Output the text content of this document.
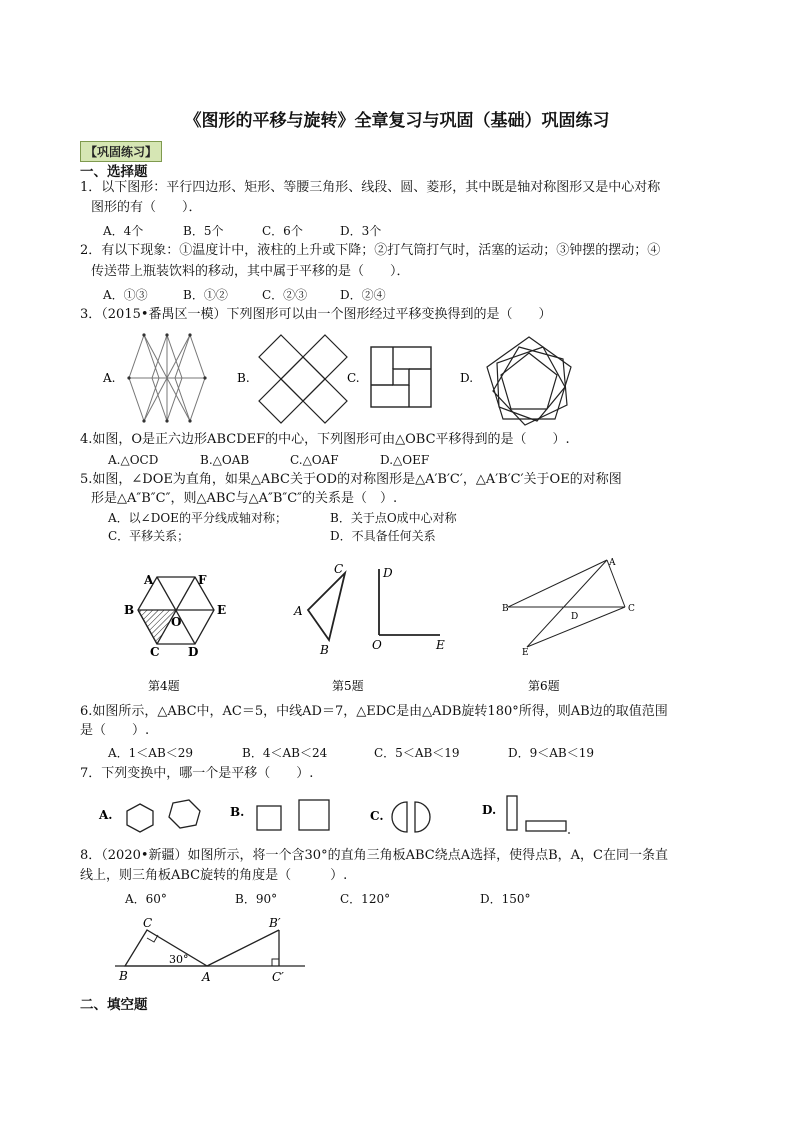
《图形的平移与旋转》全章复习与巩固（基础）巩固练习
【巩固练习】
一、选择题
1．以下图形：平行四边形、矩形、等腰三角形、线段、圆、菱形，其中既是轴对称图形又是中心对称
图形的有（　　）．
A．4个	B．5个	C．6个	D．3个
2．有以下现象：①温度计中，液柱的上升或下降；②打气筒打气时，活塞的运动；③钟摆的摆动；④
传送带上瓶装饮料的移动，其中属于平移的是（　　）．
A．①③	B．①②	C．②③	D．②④
3．（2015•番禺区一模）下列图形可以由一个图形经过平移变换得到的是（　　）
A.	B.	C.	D.
4.如图，O是正六边形ABCDEF的中心，下列图形可由△OBC平移得到的是（　　）.
A.△OCD	B.△OAB	C.△OAF	D.△OEF
5.如图，∠DOE为直角，如果△ABC关于OD的对称图形是△A′B′C′，△A′B′C′关于OE的对称图
形是△A″B″C″，则△ABC与△A″B″C″的关系是（　）.
A．以∠DOE的平分线成轴对称；	B．关于点O成中心对称
C．平移关系；	D．不具备任何关系
A	F
B	E
O
C D
C
A
B
D
O	E
A
B	C
D
E
第4题	第5题	第6题
6.如图所示，△ABC中，AC＝5，中线AD＝7，△EDC是由△ADB旋转180°所得，则AB边的取值范围
是（　　）.
A．1＜AB＜29	B．4＜AB＜24	C．5＜AB＜19	D．9＜AB＜19
7．下列变换中，哪一个是平移（　　）.
A.	B.	C.	D.
8．（2020•新疆）如图所示，将一个含30°的直角三角板ABC绕点A选择，使得点B，A，C在同一条直
线上，则三角板ABC旋转的角度是（　　　）.
A．60°	B．90°	C．120°	D．150°
C
30°
B	A
B′
C′
二、填空题
